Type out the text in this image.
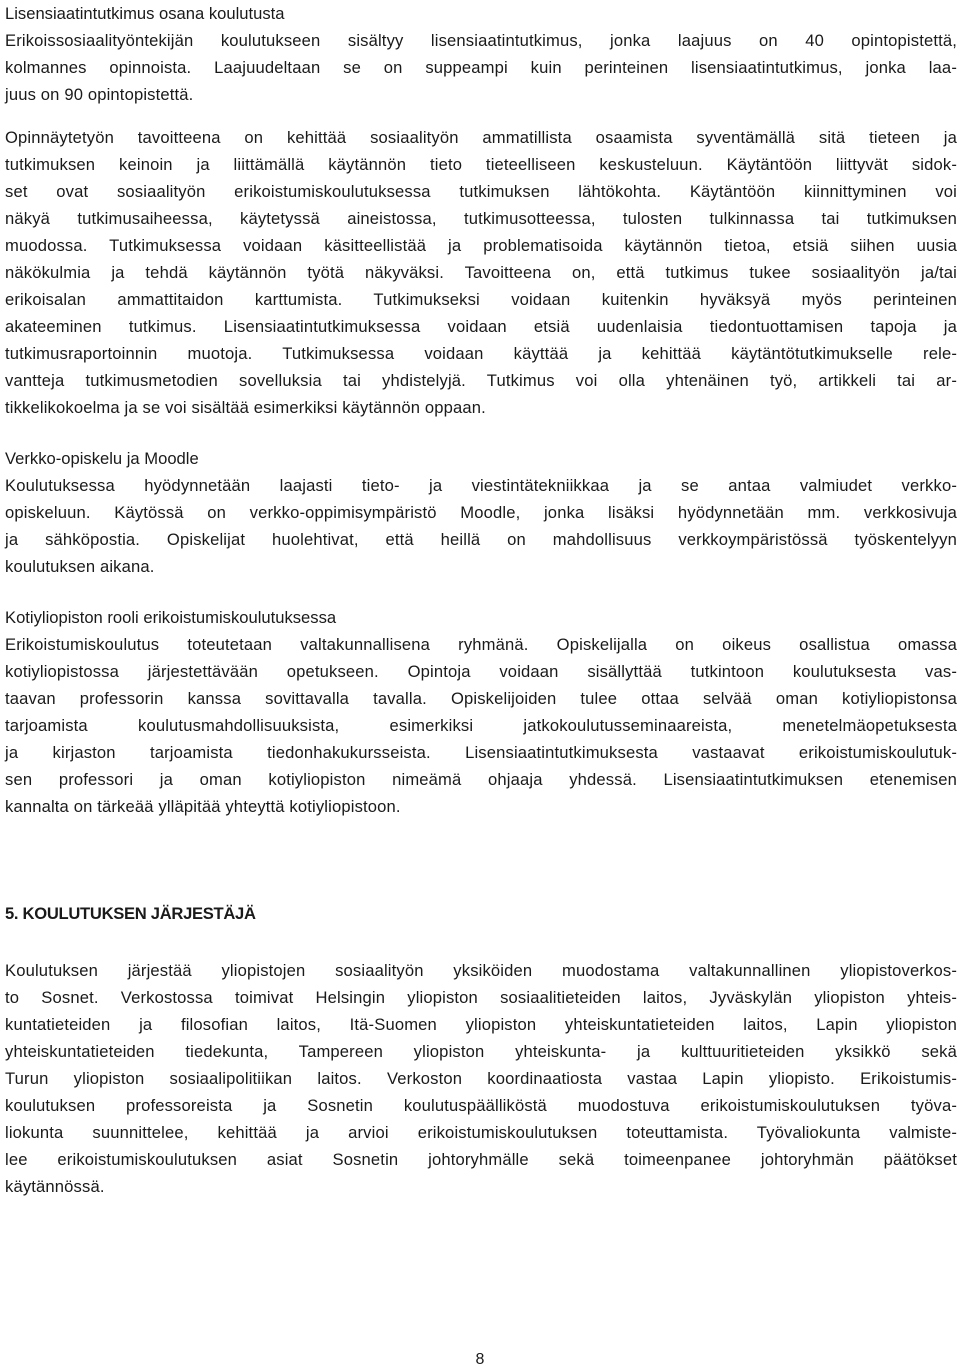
Lisensiaatintutkimus osana koulutusta

Erikoissosiaalityöntekijän koulutukseen sisältyy lisensiaatintutkimus, jonka laajuus on 40 opintopistettä,
kolmannes opinnoista. Laajuudeltaan se on suppeampi kuin perinteinen lisensiaatintutkimus, jonka laa-
juus on 90 opintopistettä.

Opinnäytetyön tavoitteena on kehittää sosiaalityön ammatillista osaamista syventämällä sitä tieteen ja
tutkimuksen keinoin ja liittämällä käytännön tieto tieteelliseen keskusteluun. Käytäntöön liittyvät sidok-
set ovat sosiaalityön erikoistumiskoulutuksessa tutkimuksen lähtökohta. Käytäntöön kiinnittyminen voi
näkyä tutkimusaiheessa, käytetyssä aineistossa, tutkimusotteessa, tulosten tulkinnassa tai tutkimuksen
muodossa. Tutkimuksessa voidaan käsitteellistää ja problematisoida käytännön tietoa, etsiä siihen uusia
näkökulmia ja tehdä käytännön työtä näkyväksi. Tavoitteena on, että tutkimus tukee sosiaalityön ja/tai
erikoisalan ammattitaidon karttumista. Tutkimukseksi voidaan kuitenkin hyväksyä myös perinteinen
akateeminen tutkimus. Lisensiaatintutkimuksessa voidaan etsiä uudenlaisia tiedontuottamisen tapoja ja
tutkimusraportoinnin muotoja. Tutkimuksessa voidaan käyttää ja kehittää käytäntötutkimukselle rele-
vantteja tutkimusmetodien sovelluksia tai yhdistelyjä. Tutkimus voi olla yhtenäinen työ, artikkeli tai ar-
tikkelikokoelma ja se voi sisältää esimerkiksi käytännön oppaan.

Verkko-opiskelu ja Moodle

Koulutuksessa hyödynnetään laajasti tieto- ja viestintätekniikkaa ja se antaa valmiudet verkko-
opiskeluun. Käytössä on verkko-oppimisympäristö Moodle, jonka lisäksi hyödynnetään mm. verkkosivuja
ja sähköpostia. Opiskelijat huolehtivat, että heillä on mahdollisuus verkkoympäristössä työskentelyyn
koulutuksen aikana.

Kotiyliopiston rooli erikoistumiskoulutuksessa

Erikoistumiskoulutus toteutetaan valtakunnallisena ryhmänä. Opiskelijalla on oikeus osallistua omassa
kotiyliopistossa järjestettävään opetukseen. Opintoja voidaan sisällyttää tutkintoon koulutuksesta vas-
taavan professorin kanssa sovittavalla tavalla. Opiskelijoiden tulee ottaa selvää oman kotiyliopistonsa
tarjoamista koulutusmahdollisuuksista, esimerkiksi jatkokoulutusseminaareista, menetelmäopetuksesta
ja kirjaston tarjoamista tiedonhakukursseista. Lisensiaatintutkimuksesta vastaavat erikoistumiskoulutuk-
sen professori ja oman kotiyliopiston nimeämä ohjaaja yhdessä. Lisensiaatintutkimuksen etenemisen
kannalta on tärkeää ylläpitää yhteyttä kotiyliopistoon.

5. KOULUTUKSEN JÄRJESTÄJÄ

Koulutuksen järjestää yliopistojen sosiaalityön yksiköiden muodostama valtakunnallinen yliopistoverkos-
to Sosnet. Verkostossa toimivat Helsingin yliopiston sosiaalitieteiden laitos, Jyväskylän yliopiston yhteis-
kuntatieteiden ja filosofian laitos, Itä-Suomen yliopiston yhteiskuntatieteiden laitos, Lapin yliopiston
yhteiskuntatieteiden tiedekunta, Tampereen yliopiston yhteiskunta- ja kulttuuritieteiden yksikkö sekä
Turun yliopiston sosiaalipolitiikan laitos. Verkoston koordinaatiosta vastaa Lapin yliopisto. Erikoistumis-
koulutuksen professoreista ja Sosnetin koulutuspäälliköstä muodostuva erikoistumiskoulutuksen työva-
liokunta suunnittelee, kehittää ja arvioi erikoistumiskoulutuksen toteuttamista. Työvaliokunta valmiste-
lee erikoistumiskoulutuksen asiat Sosnetin johtoryhmälle sekä toimeenpanee johtoryhmän päätökset
käytännössä.

8
